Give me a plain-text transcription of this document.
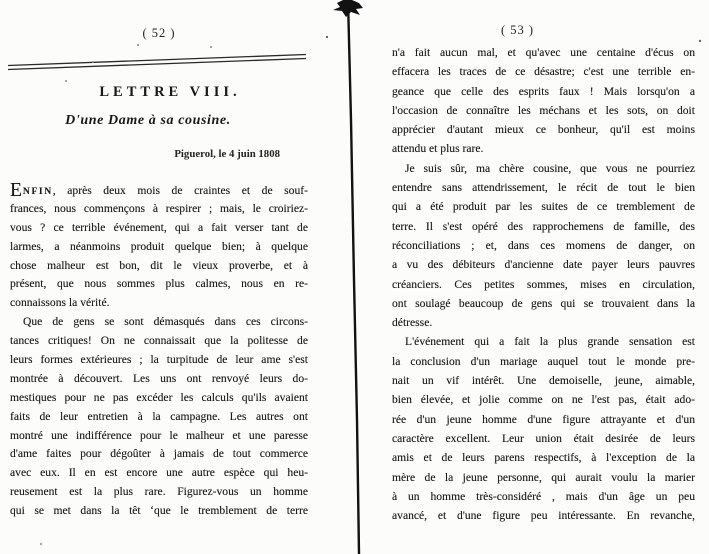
( 52 )
LETTRE VIII.
D'une Dame à sa cousine.
Piguerol, le 4 juin 1808
ENFIN, après deux mois de craintes et de souf-
frances, nous commençons à respirer ; mais, le croiriez-
vous ? ce terrible événement, qui a fait verser tant de
larmes, a néanmoins produit quelque bien; à quelque
chose malheur est bon, dit le vieux proverbe, et à
présent, que nous sommes plus calmes, nous en re-
connaissons la vérité.
Que de gens se sont démasqués dans ces circons-
tances critiques! On ne connaissait que la politesse de
leurs formes extérieures ; la turpitude de leur ame s'est
montrée à découvert. Les uns ont renvoyé leurs do-
mestiques pour ne pas excéder les calculs qu'ils avaient
faits de leur entretien à la campagne. Les autres ont
montré une indifférence pour le malheur et une paresse
d'ame faites pour dégoûter à jamais de tout commerce
avec eux. Il en est encore une autre espèce qui heu-
reusement est la plus rare. Figurez-vous un homme
qui se met dans la têt ‘que le tremblement de terre
( 53 )
n'a fait aucun mal, et qu'avec une centaine d'écus on
effacera les traces de ce désastre; c'est une terrible en-
geance que celle des esprits faux ! Mais lorsqu'on a
l'occasion de connaître les méchans et les sots, on doit
apprécier d'autant mieux ce bonheur, qu'il est moins
attendu et plus rare.
Je suis sûr, ma chère cousine, que vous ne pourriez
entendre sans attendrissement, le récit de tout le bien
qui a été produit par les suites de ce tremblement de
terre. Il s'est opéré des rapprochemens de famille, des
réconciliations ; et, dans ces momens de danger, on
a vu des débiteurs d'ancienne date payer leurs pauvres
créanciers. Ces petites sommes, mises en circulation,
ont soulagé beaucoup de gens qui se trouvaient dans la
détresse.
L'événement qui a fait la plus grande sensation est
la conclusion d'un mariage auquel tout le monde pre-
nait un vif intérêt. Une demoiselle, jeune, aimable,
bien élevée, et jolie comme on ne l'est pas, était ado-
rée d'un jeune homme d'une figure attrayante et d'un
caractère excellent. Leur union était desirée de leurs
amis et de leurs parens respectifs, à l'exception de la
mère de la jeune personne, qui aurait voulu la marier
à un homme très-considéré , mais d'un âge un peu
avancé, et d'une figure peu intéressante. En revanche,
